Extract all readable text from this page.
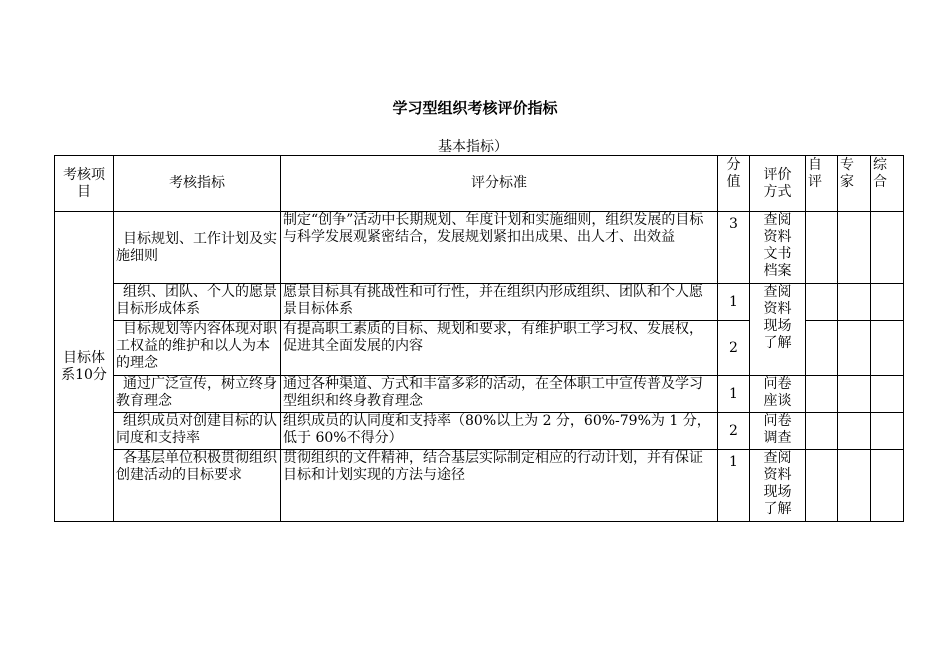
学习型组织考核评价指标
基本指标）
考核项目	考核指标	评分标准	分值	评价方式	自评	专家	综合

目标体系10分	目标规划、工作计划及实施细则	制定“创争”活动中长期规划、年度计划和实施细则，组织发展的目标与科学发展观紧密结合，发展规划紧扣出成果、出人才、出效益	3	查阅资料文书档案			
	组织、团队、个人的愿景目标形成体系	愿景目标具有挑战性和可行性，并在组织内形成组织、团队和个人愿景目标体系	1	查阅资料现场了解			
	目标规划等内容体现对职工权益的维护和以人为本的理念	有提高职工素质的目标、规划和要求，有维护职工学习权、发展权，促进其全面发展的内容	2				
	通过广泛宣传，树立终身教育理念	通过各种渠道、方式和丰富多彩的活动，在全体职工中宣传普及学习型组织和终身教育理念	1	问卷座谈			
	组织成员对创建目标的认同度和支持率	组织成员的认同度和支持率（80%以上为 2 分，60%-79%为 1 分，低于 60%不得分）	2	问卷调查			
	各基层单位积极贯彻组织创建活动的目标要求	贯彻组织的文件精神，结合基层实际制定相应的行动计划，并有保证目标和计划实现的方法与途径	1	查阅资料现场了解			
